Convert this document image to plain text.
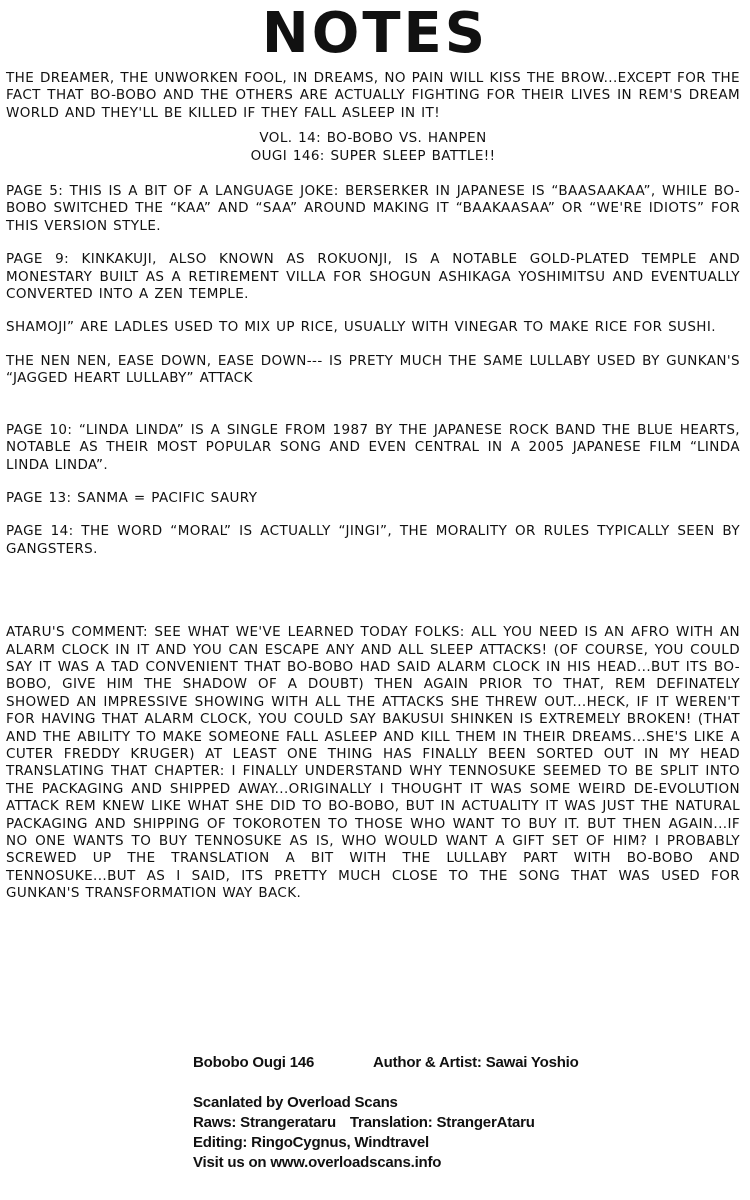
NOTES

THE DREAMER, THE UNWORKEN FOOL, IN DREAMS, NO PAIN WILL KISS THE BROW...EXCEPT FOR THE FACT THAT BO-BOBO AND THE OTHERS ARE ACTUALLY FIGHTING FOR THEIR LIVES IN REM'S DREAM WORLD AND THEY'LL BE KILLED IF THEY FALL ASLEEP IN IT!

VOL. 14: BO-BOBO VS. HANPEN

OUGI 146: SUPER SLEEP BATTLE!!

PAGE 5: THIS IS A BIT OF A LANGUAGE JOKE: BERSERKER IN JAPANESE IS “BAASAAKAA”, WHILE BO-BOBO SWITCHED THE “KAA” AND “SAA” AROUND MAKING IT “BAAKAASAA” OR “WE'RE IDIOTS” FOR THIS VERSION STYLE.

PAGE 9: KINKAKUJI, ALSO KNOWN AS ROKUONJI, IS A NOTABLE GOLD-PLATED TEMPLE AND MONESTARY BUILT AS A RETIREMENT VILLA FOR SHOGUN ASHIKAGA YOSHIMITSU AND EVENTUALLY CONVERTED INTO A ZEN TEMPLE.

SHAMOJI” ARE LADLES USED TO MIX UP RICE, USUALLY WITH VINEGAR TO MAKE RICE FOR SUSHI.

THE NEN NEN, EASE DOWN, EASE DOWN--- IS PRETY MUCH THE SAME LULLABY USED BY GUNKAN'S “JAGGED HEART LULLABY” ATTACK

PAGE 10: “LINDA LINDA” IS A SINGLE FROM 1987 BY THE JAPANESE ROCK BAND THE BLUE HEARTS, NOTABLE AS THEIR MOST POPULAR SONG AND EVEN CENTRAL IN A 2005 JAPANESE FILM “LINDA LINDA LINDA”.

PAGE 13: SANMA = PACIFIC SAURY

PAGE 14: THE WORD “MORAL” IS ACTUALLY “JINGI”, THE MORALITY OR RULES TYPICALLY SEEN BY GANGSTERS.

ATARU'S COMMENT: SEE WHAT WE'VE LEARNED TODAY FOLKS: ALL YOU NEED IS AN AFRO WITH AN ALARM CLOCK IN IT AND YOU CAN ESCAPE ANY AND ALL SLEEP ATTACKS! (OF COURSE, YOU COULD SAY IT WAS A TAD CONVENIENT THAT BO-BOBO HAD SAID ALARM CLOCK IN HIS HEAD...BUT ITS BO-BOBO, GIVE HIM THE SHADOW OF A DOUBT) THEN AGAIN PRIOR TO THAT, REM DEFINATELY SHOWED AN IMPRESSIVE SHOWING WITH ALL THE ATTACKS SHE THREW OUT...HECK, IF IT WEREN'T FOR HAVING THAT ALARM CLOCK, YOU COULD SAY BAKUSUI SHINKEN IS EXTREMELY BROKEN! (THAT AND THE ABILITY TO MAKE SOMEONE FALL ASLEEP AND KILL THEM IN THEIR DREAMS...SHE'S LIKE A CUTER FREDDY KRUGER) AT LEAST ONE THING HAS FINALLY BEEN SORTED OUT IN MY HEAD TRANSLATING THAT CHAPTER: I FINALLY UNDERSTAND WHY TENNOSUKE SEEMED TO BE SPLIT INTO THE PACKAGING AND SHIPPED AWAY...ORIGINALLY I THOUGHT IT WAS SOME WEIRD DE-EVOLUTION ATTACK REM KNEW LIKE WHAT SHE DID TO BO-BOBO, BUT IN ACTUALITY IT WAS JUST THE NATURAL PACKAGING AND SHIPPING OF TOKOROTEN TO THOSE WHO WANT TO BUY IT. BUT THEN AGAIN...IF NO ONE WANTS TO BUY TENNOSUKE AS IS, WHO WOULD WANT A GIFT SET OF HIM? I PROBABLY SCREWED UP THE TRANSLATION A BIT WITH THE LULLABY PART WITH BO-BOBO AND TENNOSUKE...BUT AS I SAID, ITS PRETTY MUCH CLOSE TO THE SONG THAT WAS USED FOR GUNKAN'S TRANSFORMATION WAY BACK.

Bobobo Ougi 146	Author & Artist: Sawai Yoshio
Scanlated by Overload Scans
Raws: Strangerataru Translation: StrangerAtaru
Editing: RingoCygnus, Windtravel
Visit us on www.overloadscans.info
